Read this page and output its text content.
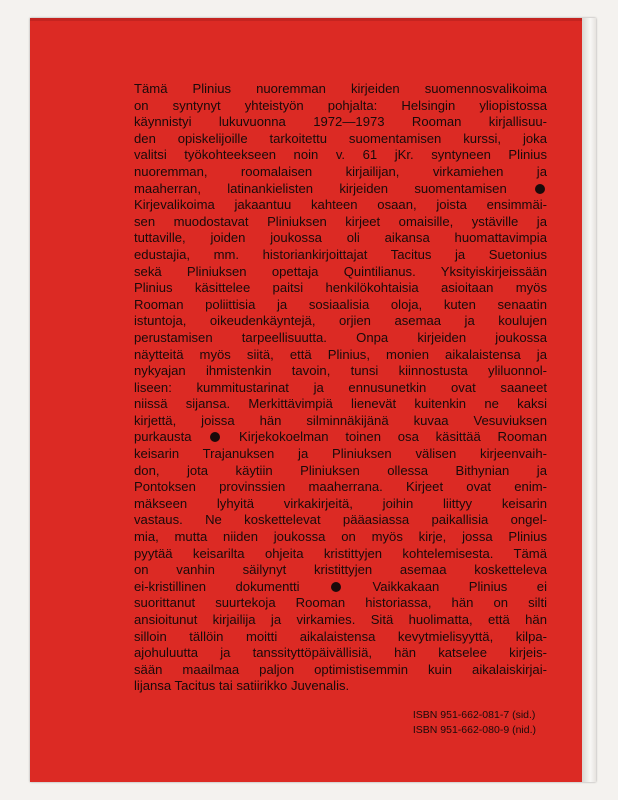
Tämä Plinius nuoremman kirjeiden suomennosvalikoima
on syntynyt yhteistyön pohjalta: Helsingin yliopistossa
käynnistyi lukuvuonna 1972—1973 Rooman kirjallisuu-
den opiskelijoille tarkoitettu suomentamisen kurssi, joka
valitsi työkohteekseen noin v. 61 jKr. syntyneen Plinius
nuoremman, roomalaisen kirjailijan, virkamiehen ja
maaherran, latinankielisten kirjeiden suomentamisen
Kirjevalikoima jakaantuu kahteen osaan, joista ensimmäi-
sen muodostavat Pliniuksen kirjeet omaisille, ystäville ja
tuttaville, joiden joukossa oli aikansa huomattavimpia
edustajia, mm. historiankirjoittajat Tacitus ja Suetonius
sekä Pliniuksen opettaja Quintilianus. Yksityiskirjeissään
Plinius käsittelee paitsi henkilökohtaisia asioitaan myös
Rooman poliittisia ja sosiaalisia oloja, kuten senaatin
istuntoja, oikeudenkäyntejä, orjien asemaa ja koulujen
perustamisen tarpeellisuutta. Onpa kirjeiden joukossa
näytteitä myös siitä, että Plinius, monien aikalaistensa ja
nykyajan ihmistenkin tavoin, tunsi kiinnostusta yliluonnol-
liseen: kummitustarinat ja ennusunetkin ovat saaneet
niissä sijansa. Merkittävimpiä lienevät kuitenkin ne kaksi
kirjettä, joissa hän silminnäkijänä kuvaa Vesuviuksen
purkausta	Kirjekokoelman toinen osa käsittää Rooman
keisarin Trajanuksen ja Pliniuksen välisen kirjeenvaih-
don, jota käytiin Pliniuksen ollessa Bithynian ja
Pontoksen provinssien maaherrana. Kirjeet ovat enim-
mäkseen lyhyitä virkakirjeitä, joihin liittyy keisarin
vastaus. Ne koskettelevat pääasiassa paikallisia ongel-
mia, mutta niiden joukossa on myös kirje, jossa Plinius
pyytää keisarilta ohjeita kristittyjen kohtelemisesta. Tämä
on vanhin säilynyt kristittyjen asemaa kosketteleva
ei-kristillinen dokumentti	Vaikkakaan Plinius ei
suorittanut suurtekoja Rooman historiassa, hän on silti
ansioitunut kirjailija ja virkamies. Sitä huolimatta, että hän
silloin tällöin moitti aikalaistensa kevytmielisyyttä, kilpa-
ajohuluutta ja tanssityttöpäivällisiä, hän katselee kirjeis-
sään maailmaa paljon optimistisemmin kuin aikalaiskirjai-
lijansa Tacitus tai satiirikko Juvenalis.
ISBN 951-662-081-7 (sid.)
ISBN 951-662-080-9 (nid.)
